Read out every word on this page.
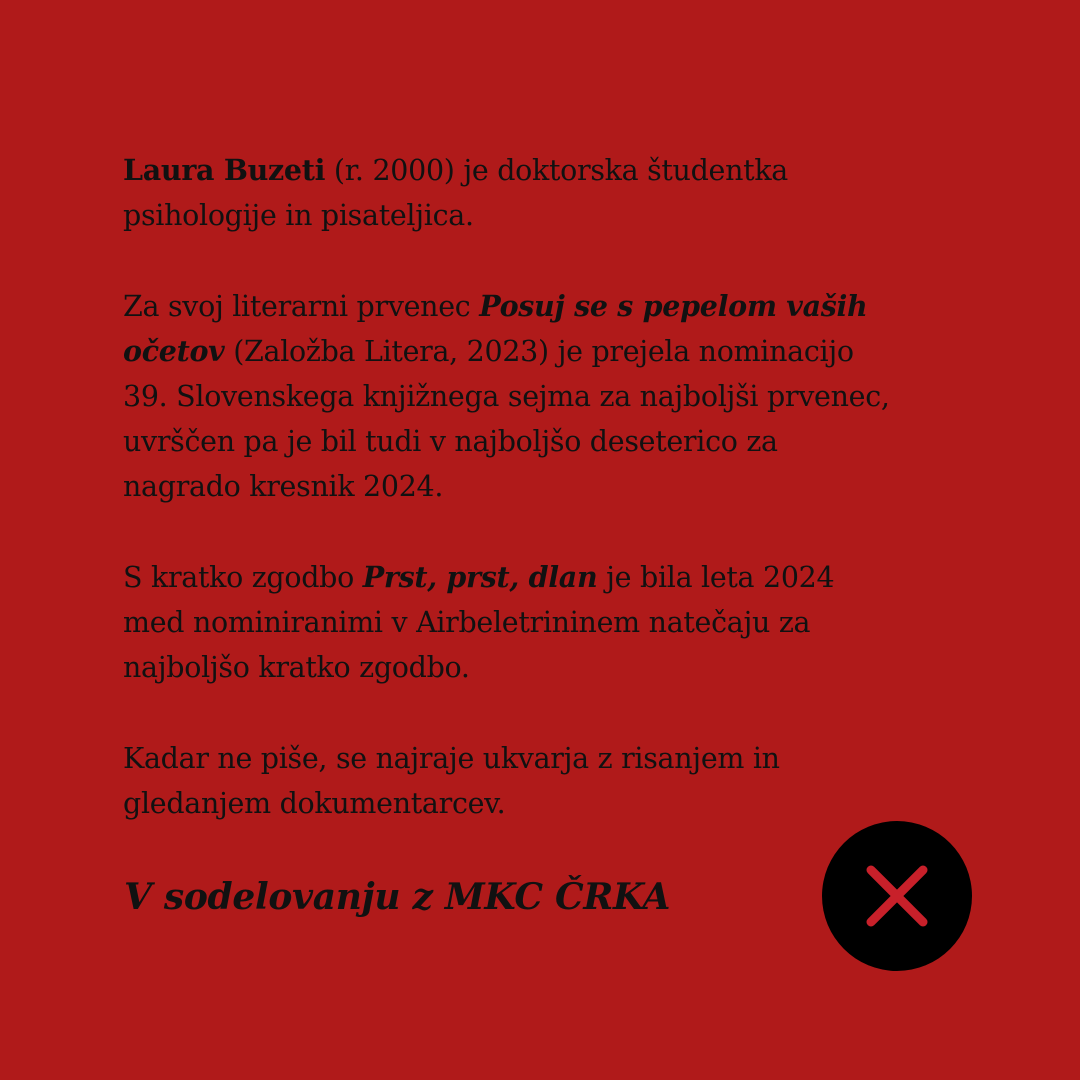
Laura Buzeti (r. 2000) je doktorska študentka psihologije in pisateljica.

Za svoj literarni prvenec Posuj se s pepelom vaših očetov (Založba Litera, 2023) je prejela nominacijo 39. Slovenskega knjižnega sejma za najboljši prvenec, uvrščen pa je bil tudi v najboljšo deseterico za nagrado kresnik 2024.

S kratko zgodbo Prst, prst, dlan je bila leta 2024 med nominiranimi v Airbeletrininem natečaju za najboljšo kratko zgodbo.

Kadar ne piše, se najraje ukvarja z risanjem in gledanjem dokumentarcev.

V sodelovanju z MKC ČRKA
